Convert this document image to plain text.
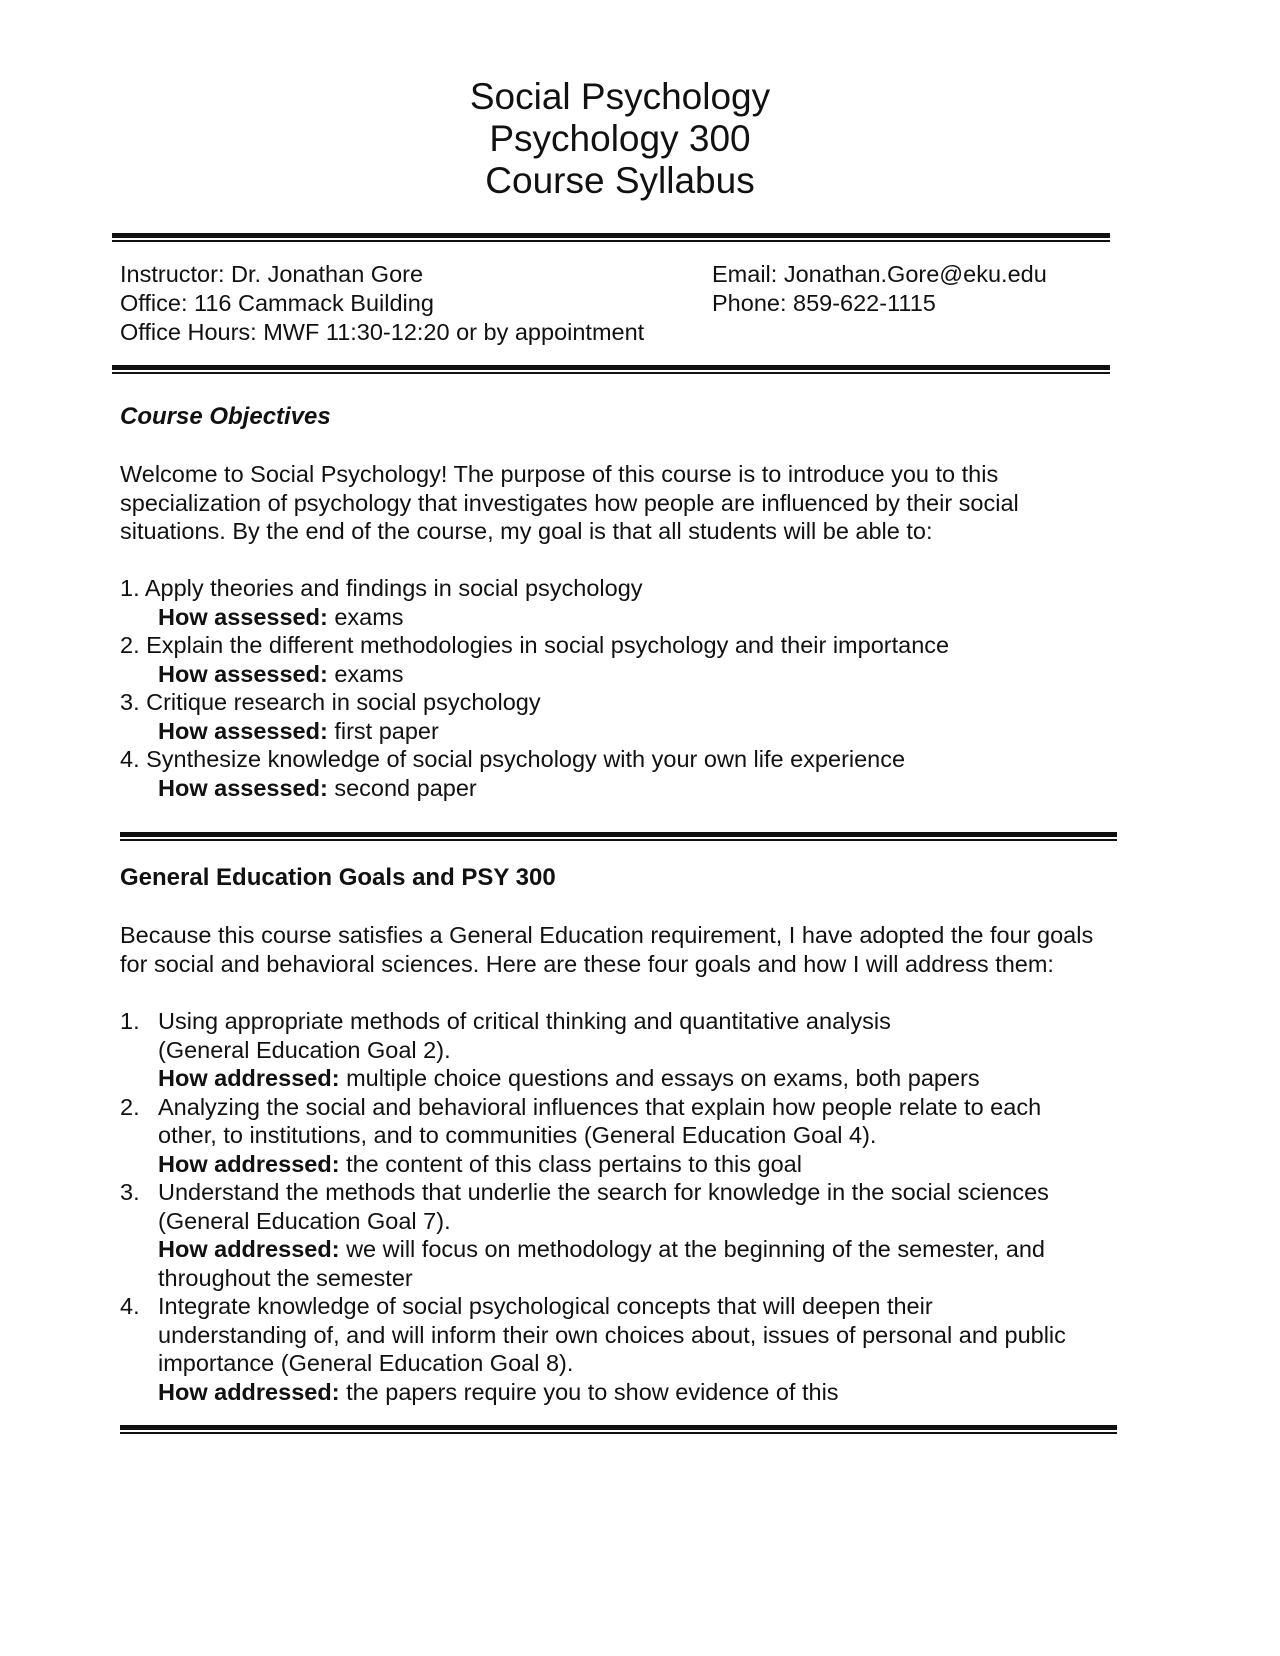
Social Psychology
Psychology 300
Course Syllabus
Instructor: Dr. Jonathan Gore
Office: 116 Cammack Building
Office Hours: MWF 11:30-12:20 or by appointment
Email: Jonathan.Gore@eku.edu
Phone: 859-622-1115
Course Objectives
Welcome to Social Psychology! The purpose of this course is to introduce you to this
specialization of psychology that investigates how people are influenced by their social
situations. By the end of the course, my goal is that all students will be able to:
1. Apply theories and findings in social psychology
How assessed: exams
2. Explain the different methodologies in social psychology and their importance
How assessed: exams
3. Critique research in social psychology
How assessed: first paper
4. Synthesize knowledge of social psychology with your own life experience
How assessed: second paper
General Education Goals and PSY 300
Because this course satisfies a General Education requirement, I have adopted the four goals
for social and behavioral sciences. Here are these four goals and how I will address them:
1. Using appropriate methods of critical thinking and quantitative analysis
(General Education Goal 2).
How addressed: multiple choice questions and essays on exams, both papers
2. Analyzing the social and behavioral influences that explain how people relate to each
other, to institutions, and to communities (General Education Goal 4).
How addressed: the content of this class pertains to this goal
3. Understand the methods that underlie the search for knowledge in the social sciences
(General Education Goal 7).
How addressed: we will focus on methodology at the beginning of the semester, and
throughout the semester
4. Integrate knowledge of social psychological concepts that will deepen their
understanding of, and will inform their own choices about, issues of personal and public
importance (General Education Goal 8).
How addressed: the papers require you to show evidence of this
